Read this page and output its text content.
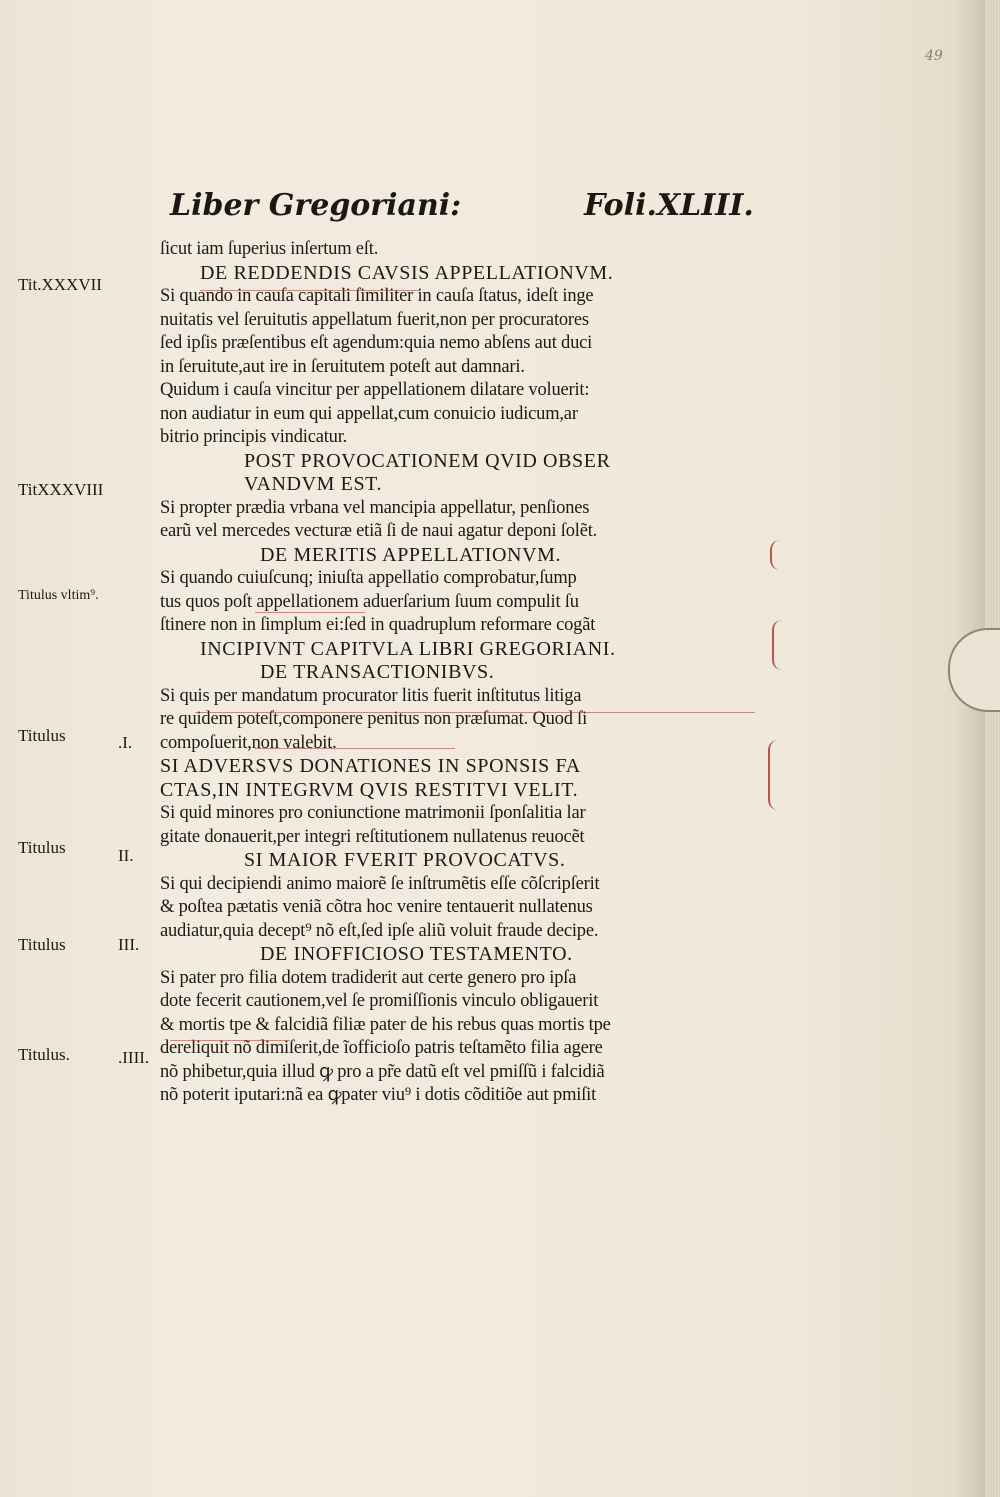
49
Liber Gregoriani:	Foli.XLIII.
ſicut iam ſuperius inſertum eſt.
DE REDDENDIS CAVSIS APPELLATIONVM.
Si quando in cauſa capitali ſimiliter in cauſa ſtatus, ideſt inge
nuitatis vel ſeruitutis appellatum fuerit,non per procuratores
ſed ipſis præſentibus eſt agendum:quia nemo abſens aut duci
in ſeruitute,aut ire in ſeruitutem poteſt aut damnari.
Quidum i cauſa vincitur per appellationem dilatare voluerit:
non audiatur in eum qui appellat,cum conuicio iudicum,ar
bitrio principis vindicatur.
POST PROVOCATIONEM QVID OBSER
VANDVM EST.
Si propter prædia vrbana vel mancipia appellatur, penſiones
earũ vel mercedes vecturæ etiã ſi de naui agatur deponi ſolẽt.
DE MERITIS APPELLATIONVM.
Si quando cuiuſcunq; iniuſta appellatio comprobatur,ſump
tus quos poſt appellationem aduerſarium ſuum compulit ſu
ſtinere non in ſimplum ei:ſed in quadruplum reformare cogãt
INCIPIVNT CAPITVLA LIBRI GREGORIANI.
DE TRANSACTIONIBVS.
Si quis per mandatum procurator litis fuerit inſtitutus litiga
re quidem poteſt,componere penitus non præſumat. Quod ſi
compoſuerit,non valebit.
SI ADVERSVS DONATIONES IN SPONSIS FA
CTAS,IN INTEGRVM QVIS RESTITVI VELIT.
Si quid minores pro coniunctione matrimonii ſponſalitia lar
gitate donauerit,per integri reſtitutionem nullatenus reuocẽt
SI MAIOR FVERIT PROVOCATVS.
Si qui decipiendi animo maiorẽ ſe inſtrumẽtis eſſe cõſcripſerit
& poſtea pætatis veniã cõtra hoc venire tentauerit nullatenus
audiatur,quia decept⁹ nõ eſt,ſed ipſe aliũ voluit fraude decipe.
DE INOFFICIOSO TESTAMENTO.
Si pater pro filia dotem tradiderit aut certe genero pro ipſa
dote fecerit cautionem,vel ſe promiſſionis vinculo obligauerit
& mortis tpe & falcidiã filiæ pater de his rebus quas mortis tpe
dereliquit nõ dimiſerit,de ĩofficioſo patris teſtamẽto filia agere
nõ phibetur,quia illud ꝙ pro a pr̃e datũ eſt vel pmiſſũ i falcidiã
nõ poterit iputari:nã ea ꝙpater viu⁹ i dotis cõditiõe aut pmiſit
Tit.XXXVII
TitXXXVIII
Titulus vltim⁹.
Titulus	.I.
Titulus	II.
Titulus	III.
Titulus.	.IIII.
